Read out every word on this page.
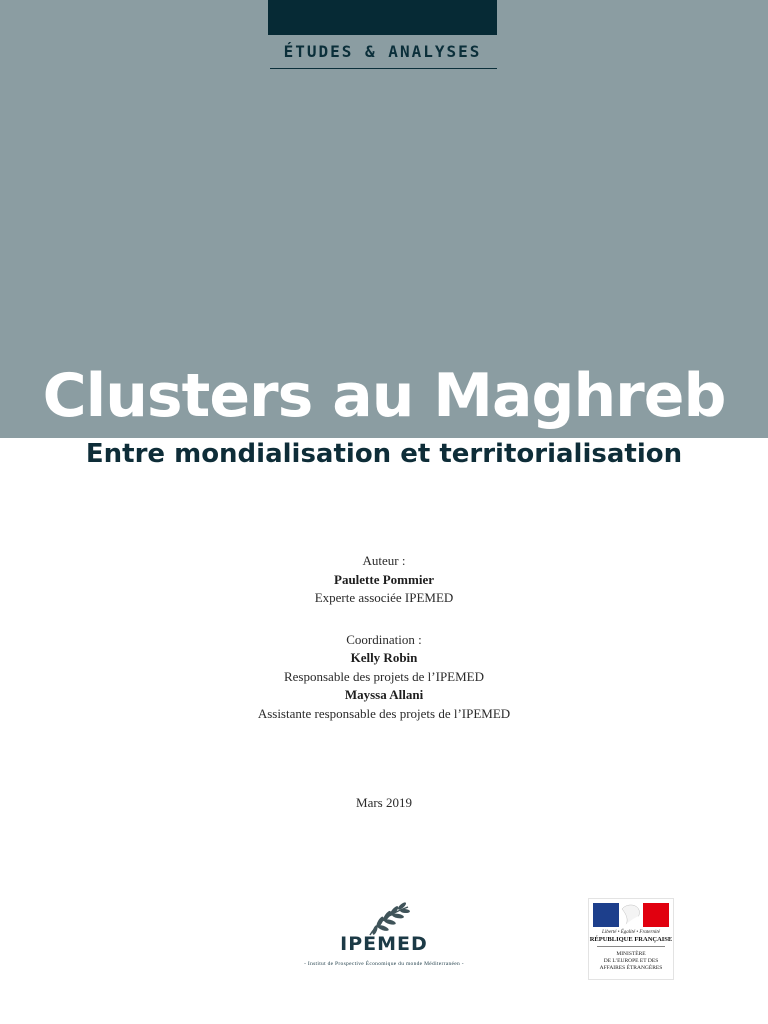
ÉTUDES & ANALYSES
Clusters au Maghreb
Entre mondialisation et territorialisation
Auteur :
Paulette Pommier
Experte associée IPEMED
Coordination :
Kelly Robin
Responsable des projets de l’IPEMED
Mayssa Allani
Assistante responsable des projets de l’IPEMED
Mars 2019
IPEMED
- Institut de Prospective Économique du monde Méditerranéen -
Liberté • Égalité • Fraternité
RÉPUBLIQUE FRANÇAISE
MINISTÈRE
DE L’EUROPE ET DES
AFFAIRES ÉTRANGÈRES
